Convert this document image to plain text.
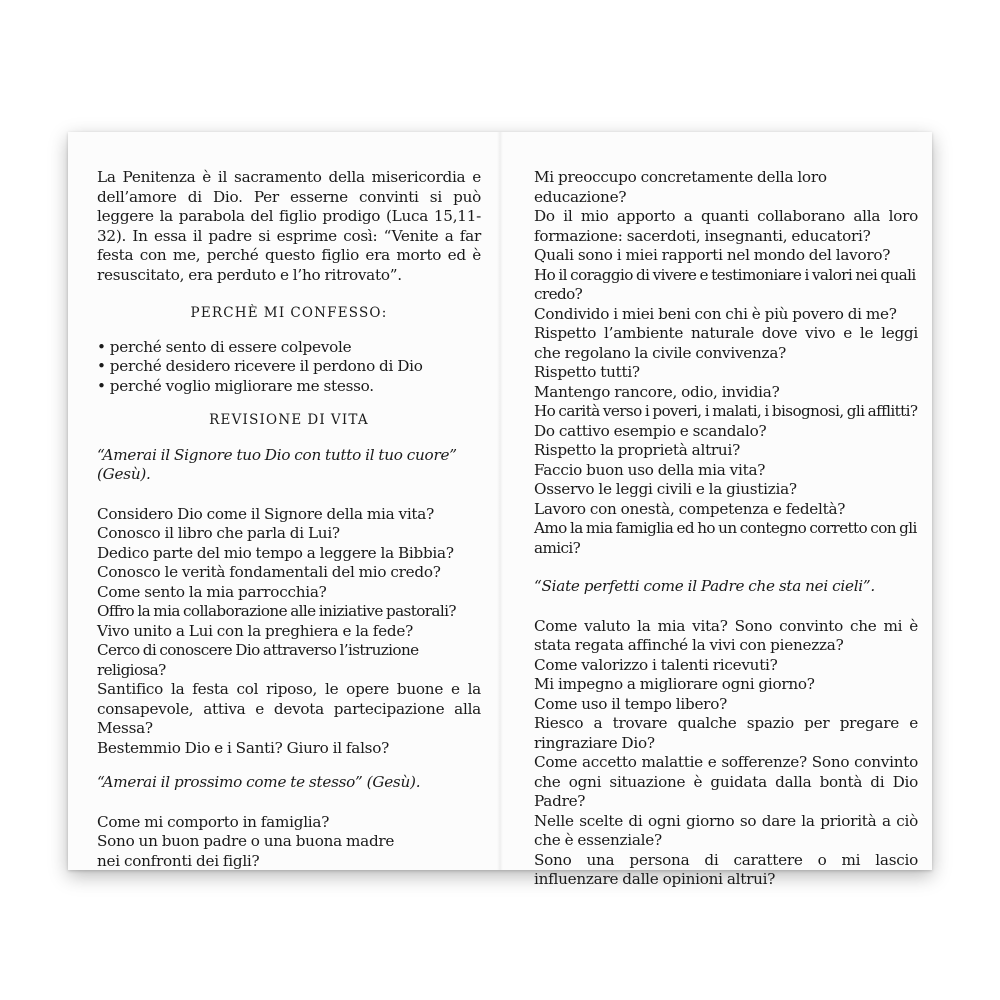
La Penitenza è il sacramento della misericordia e dell’amore di Dio. Per esserne convinti si può leggere la parabola del figlio prodigo (Luca 15,11-32). In essa il padre si esprime così: “Venite a far festa con me, perché questo figlio era morto ed è resuscitato, era perduto e l’ho ritrovato”.

PERCHÈ MI CONFESSO:
• perché sento di essere colpevole
• perché desidero ricevere il perdono di Dio
• perché voglio migliorare me stesso.
REVISIONE DI VITA

“Amerai il Signore tuo Dio con tutto il tuo cuore” (Gesù).

Considero Dio come il Signore della mia vita?
Conosco il libro che parla di Lui?
Dedico parte del mio tempo a leggere la Bibbia?
Conosco le verità fondamentali del mio credo?
Come sento la mia parrocchia?
Offro la mia collaborazione alle iniziative pastorali?
Vivo unito a Lui con la preghiera e la fede?
Cerco di conoscere Dio attraverso l’istruzione religiosa?
Santifico la festa col riposo, le opere buone e la consapevole, attiva e devota partecipazione alla Messa?
Bestemmio Dio e i Santi? Giuro il falso?

“Amerai il prossimo come te stesso” (Gesù).

Come mi comporto in famiglia?
Sono un buon padre o una buona madre
nei confronti dei figli?
Mi preoccupo concretamente della loro educazione?
Do il mio apporto a quanti collaborano alla loro formazione: sacerdoti, insegnanti, educatori?
Quali sono i miei rapporti nel mondo del lavoro?
Ho il coraggio di vivere e testimoniare i valori nei quali credo?
Condivido i miei beni con chi è più povero di me?
Rispetto l’ambiente naturale dove vivo e le leggi che regolano la civile convivenza?
Rispetto tutti?
Mantengo rancore, odio, invidia?
Ho carità verso i poveri, i malati, i bisognosi, gli afflitti?
Do cattivo esempio e scandalo?
Rispetto la proprietà altrui?
Faccio buon uso della mia vita?
Osservo le leggi civili e la giustizia?
Lavoro con onestà, competenza e fedeltà?
Amo la mia famiglia ed ho un contegno corretto con gli amici?

“Siate perfetti come il Padre che sta nei cieli”.

Come valuto la mia vita? Sono convinto che mi è stata regata affinché la vivi con pienezza?
Come valorizzo i talenti ricevuti?
Mi impegno a migliorare ogni giorno?
Come uso il tempo libero?
Riesco a trovare qualche spazio per pregare e ringraziare Dio?
Come accetto malattie e sofferenze? Sono convinto che ogni situazione è guidata dalla bontà di Dio Padre?
Nelle scelte di ogni giorno so dare la priorità a ciò che è essenziale?
Sono una persona di carattere o mi lascio influenzare dalle opinioni altrui?
